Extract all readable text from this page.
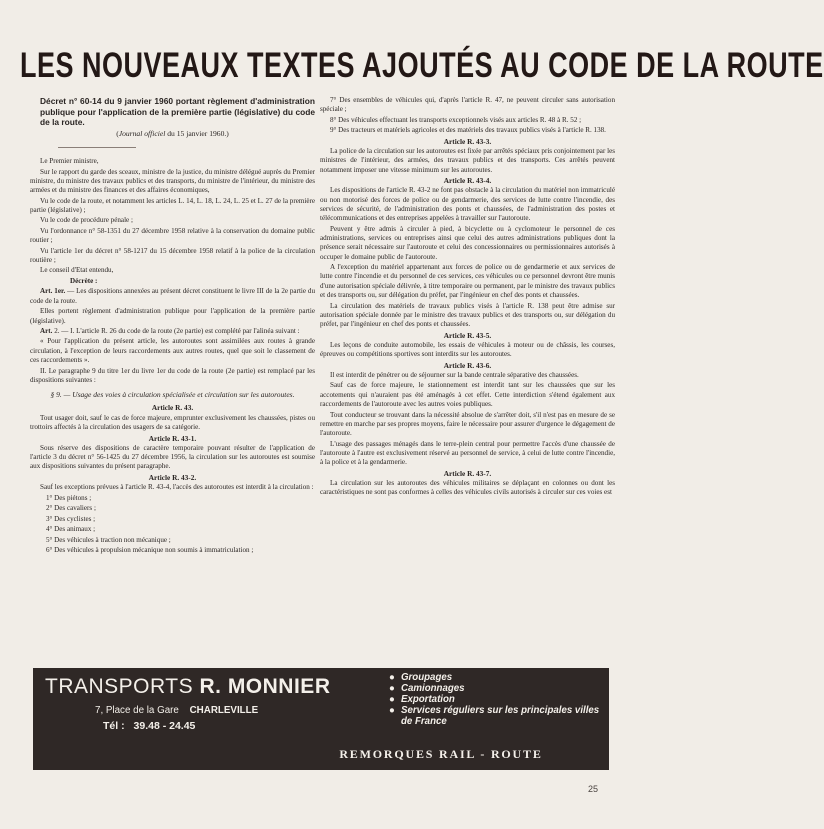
LES NOUVEAUX TEXTES AJOUTÉS AU CODE DE LA ROUTE

Décret n° 60-14 du 9 janvier 1960 portant règlement d'administration publique pour l'application de la première partie (législative) du code de la route.

(Journal officiel du 15 janvier 1960.)

Le Premier ministre,

Sur le rapport du garde des sceaux, ministre de la justice, du ministre délégué auprès du Premier ministre, du ministre des travaux publics et des transports, du ministre de l'intérieur, du ministre des armées et du ministre des finances et des affaires économiques,

Vu le code de la route, et notamment les articles L. 14, L. 18, L. 24, L. 25 et L. 27 de la première partie (législative) ;

Vu le code de procédure pénale ;

Vu l'ordonnance n° 58-1351 du 27 décembre 1958 relative à la conservation du domaine public routier ;

Vu l'article 1er du décret n° 58-1217 du 15 décembre 1958 relatif à la police de la circulation routière ;

Le conseil d'Etat entendu,

Décrète :

Art. 1er. — Les dispositions annexées au présent décret constituent le livre III de la 2e partie du code de la route.

Elles portent règlement d'administration publique pour l'application de la première partie (législative).

Art. 2. — I. L'article R. 26 du code de la route (2e partie) est complété par l'alinéa suivant :

« Pour l'application du présent article, les autoroutes sont assimilées aux routes à grande circulation, à l'exception de leurs raccordements aux autres routes, quel que soit le classement de ces raccordements ».

II. Le paragraphe 9 du titre 1er du livre 1er du code de la route (2e partie) est remplacé par les dispositions suivantes :

§ 9. — Usage des voies à circulation spécialisée et circulation sur les autoroutes.

Article R. 43.

Tout usager doit, sauf le cas de force majeure, emprunter exclusivement les chaussées, pistes ou trottoirs affectés à la circulation des usagers de sa catégorie.

Article R. 43-1.

Sous réserve des dispositions de caractère temporaire pouvant résulter de l'application de l'article 3 du décret n° 56-1425 du 27 décembre 1956, la circulation sur les autoroutes est soumise aux dispositions suivantes du présent paragraphe.

Article R. 43-2.

Sauf les exceptions prévues à l'article R. 43-4, l'accès des autoroutes est interdit à la circulation :

1° Des piétons ;

2° Des cavaliers ;

3° Des cyclistes ;

4° Des animaux ;

5° Des véhicules à traction non mécanique ;

6° Des véhicules à propulsion mécanique non soumis à immatriculation ;

7° Des ensembles de véhicules qui, d'après l'article R. 47, ne peuvent circuler sans autorisation spéciale ;

8° Des véhicules effectuant les transports exceptionnels visés aux articles R. 48 à R. 52 ;

9° Des tracteurs et matériels agricoles et des matériels des travaux publics visés à l'article R. 138.

Article R. 43-3.

La police de la circulation sur les autoroutes est fixée par arrêtés spéciaux pris conjointement par les ministres de l'intérieur, des armées, des travaux publics et des transports. Ces arrêtés peuvent notamment imposer une vitesse minimum sur les autoroutes.

Article R. 43-4.

Les dispositions de l'article R. 43-2 ne font pas obstacle à la circulation du matériel non immatriculé ou non motorisé des forces de police ou de gendarmerie, des services de lutte contre l'incendie, des services de sécurité, de l'administration des ponts et chaussées, de l'administration des postes et télécommunications et des entreprises appelées à travailler sur l'autoroute.

Peuvent y être admis à circuler à pied, à bicyclette ou à cyclomoteur le personnel de ces administrations, services ou entreprises ainsi que celui des autres administrations publiques dont la présence serait nécessaire sur l'autoroute et celui des concessionnaires ou permissionnaires autorisés à occuper le domaine public de l'autoroute.

A l'exception du matériel appartenant aux forces de police ou de gendarmerie et aux services de lutte contre l'incendie et du personnel de ces services, ces véhicules ou ce personnel devront être munis d'une autorisation spéciale délivrée, à titre temporaire ou permanent, par le ministre des travaux publics et des transports ou, sur délégation du préfet, par l'ingénieur en chef des ponts et chaussées.

La circulation des matériels de travaux publics visés à l'article R. 138 peut être admise sur autorisation spéciale donnée par le ministre des travaux publics et des transports ou, sur délégation du préfet, par l'ingénieur en chef des ponts et chaussées.

Article R. 43-5.

Les leçons de conduite automobile, les essais de véhicules à moteur ou de châssis, les courses, épreuves ou compétitions sportives sont interdits sur les autoroutes.

Article R. 43-6.

Il est interdit de pénétrer ou de séjourner sur la bande centrale séparative des chaussées.

Sauf cas de force majeure, le stationnement est interdit tant sur les chaussées que sur les accotements qui n'auraient pas été aménagés à cet effet. Cette interdiction s'étend également aux raccordements de l'autoroute avec les autres voies publiques.

Tout conducteur se trouvant dans la nécessité absolue de s'arrêter doit, s'il n'est pas en mesure de se remettre en marche par ses propres moyens, faire le nécessaire pour assurer d'urgence le dégagement de l'autoroute.

L'usage des passages ménagés dans le terre-plein central pour permettre l'accès d'une chaussée de l'autoroute à l'autre est exclusivement réservé au personnel de service, à celui de lutte contre l'incendie, à la police et à la gendarmerie.

Article R. 43-7.

La circulation sur les autoroutes des véhicules militaires se déplaçant en colonnes ou dont les caractéristiques ne sont pas conformes à celles des véhicules civils autorisés à circuler sur ces voies est

TRANSPORTS R. MONNIER
7, Place de la Gare CHARLEVILLE
Tél : 39.48 - 24.45
● Groupages
● Camionnages
● Exportation
● Services réguliers sur les principales villes de France
REMORQUES RAIL - ROUTE
25
